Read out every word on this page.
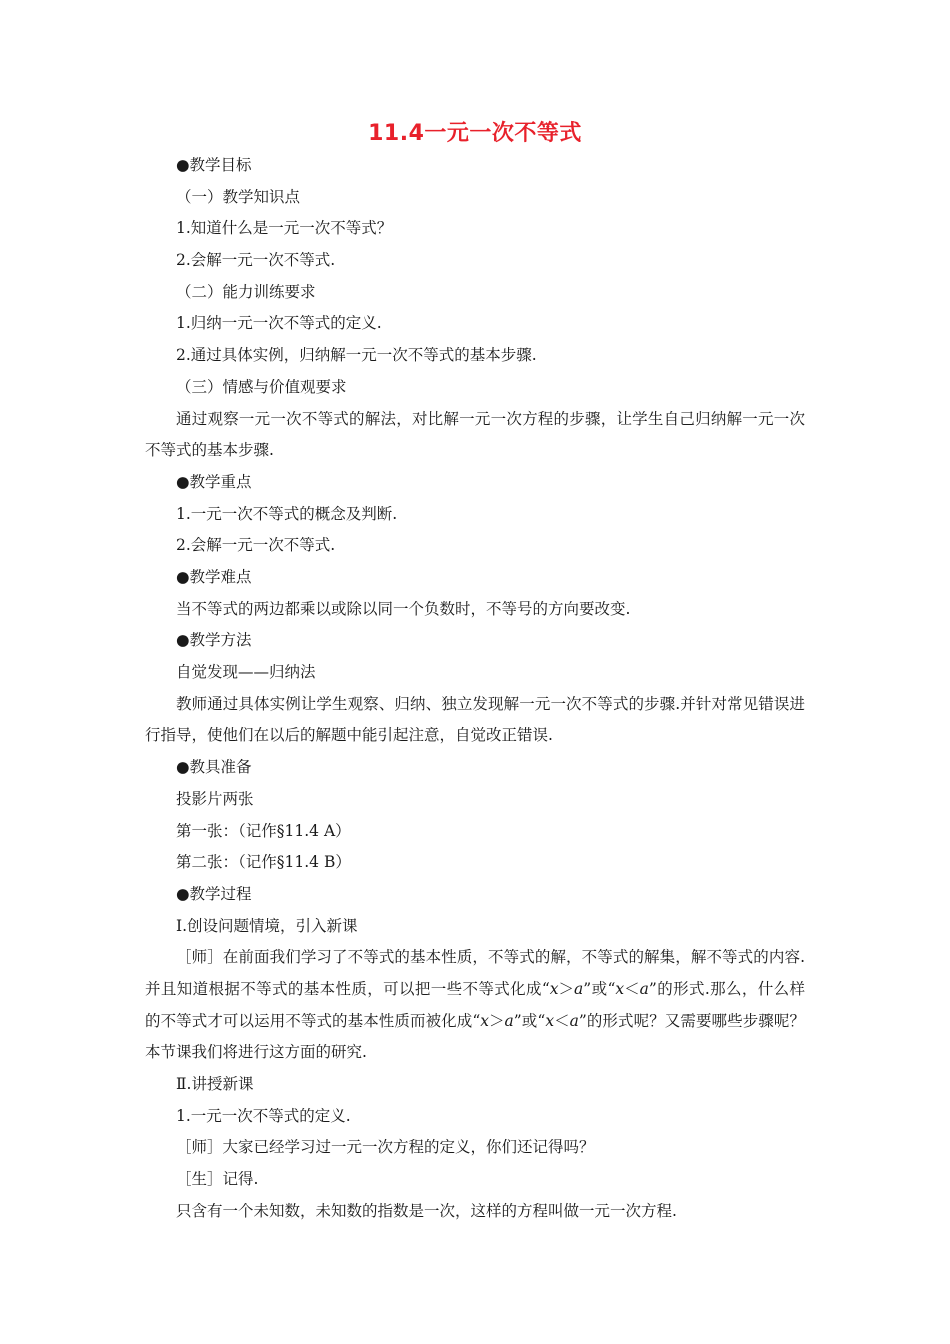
11.4一元一次不等式
●教学目标
（一）教学知识点
1.知道什么是一元一次不等式？
2.会解一元一次不等式.
（二）能力训练要求
1.归纳一元一次不等式的定义.
2.通过具体实例，归纳解一元一次不等式的基本步骤.
（三）情感与价值观要求
通过观察一元一次不等式的解法，对比解一元一次方程的步骤，让学生自己归纳解一元一次不等式的基本步骤.
●教学重点
1.一元一次不等式的概念及判断.
2.会解一元一次不等式.
●教学难点
当不等式的两边都乘以或除以同一个负数时，不等号的方向要改变.
●教学方法
自觉发现——归纳法
教师通过具体实例让学生观察、归纳、独立发现解一元一次不等式的步骤.并针对常见错误进行指导，使他们在以后的解题中能引起注意，自觉改正错误.
●教具准备
投影片两张
第一张：（记作§11.4 A）
第二张：（记作§11.4 B）
●教学过程
Ⅰ.创设问题情境，引入新课
［师］在前面我们学习了不等式的基本性质，不等式的解，不等式的解集，解不等式的内容.并且知道根据不等式的基本性质，可以把一些不等式化成“x＞a”或“x＜a”的形式.那么，什么样的不等式才可以运用不等式的基本性质而被化成“x＞a”或“x＜a”的形式呢？又需要哪些步骤呢？本节课我们将进行这方面的研究.
Ⅱ.讲授新课
1.一元一次不等式的定义.
［师］大家已经学习过一元一次方程的定义，你们还记得吗？
［生］记得.
只含有一个未知数，未知数的指数是一次，这样的方程叫做一元一次方程.
